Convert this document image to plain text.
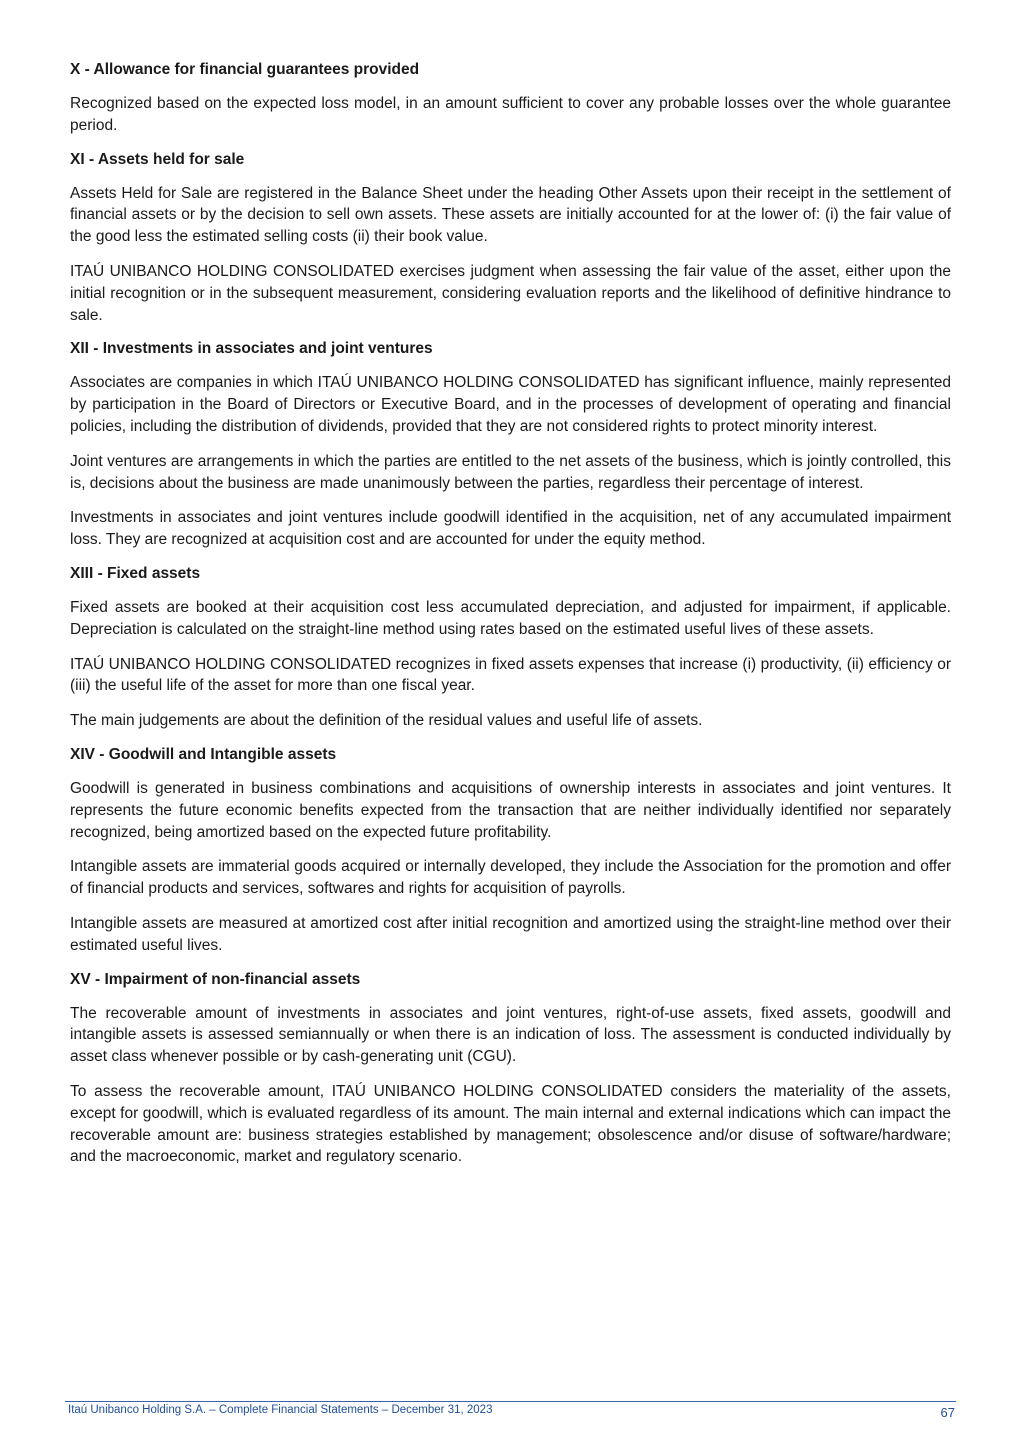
X - Allowance for financial guarantees provided

Recognized based on the expected loss model, in an amount sufficient to cover any probable losses over the whole guarantee period.

XI - Assets held for sale

Assets Held for Sale are registered in the Balance Sheet under the heading Other Assets upon their receipt in the settlement of financial assets or by the decision to sell own assets. These assets are initially accounted for at the lower of: (i) the fair value of the good less the estimated selling costs (ii) their book value.

ITAÚ UNIBANCO HOLDING CONSOLIDATED exercises judgment when assessing the fair value of the asset, either upon the initial recognition or in the subsequent measurement, considering evaluation reports and the likelihood of definitive hindrance to sale.

XII - Investments in associates and joint ventures

Associates are companies in which ITAÚ UNIBANCO HOLDING CONSOLIDATED has significant influence, mainly represented by participation in the Board of Directors or Executive Board, and in the processes of development of operating and financial policies, including the distribution of dividends, provided that they are not considered rights to protect minority interest.

Joint ventures are arrangements in which the parties are entitled to the net assets of the business, which is jointly controlled, this is, decisions about the business are made unanimously between the parties, regardless their percentage of interest.

Investments in associates and joint ventures include goodwill identified in the acquisition, net of any accumulated impairment loss. They are recognized at acquisition cost and are accounted for under the equity method.

XIII - Fixed assets

Fixed assets are booked at their acquisition cost less accumulated depreciation, and adjusted for impairment, if applicable. Depreciation is calculated on the straight-line method using rates based on the estimated useful lives of these assets.

ITAÚ UNIBANCO HOLDING CONSOLIDATED recognizes in fixed assets expenses that increase (i) productivity, (ii) efficiency or (iii) the useful life of the asset for more than one fiscal year.

The main judgements are about the definition of the residual values and useful life of assets.

XIV - Goodwill and Intangible assets

Goodwill is generated in business combinations and acquisitions of ownership interests in associates and joint ventures. It represents the future economic benefits expected from the transaction that are neither individually identified nor separately recognized, being amortized based on the expected future profitability.

Intangible assets are immaterial goods acquired or internally developed, they include the Association for the promotion and offer of financial products and services, softwares and rights for acquisition of payrolls.

Intangible assets are measured at amortized cost after initial recognition and amortized using the straight-line method over their estimated useful lives.

XV - Impairment of non-financial assets

The recoverable amount of investments in associates and joint ventures, right-of-use assets, fixed assets, goodwill and intangible assets is assessed semiannually or when there is an indication of loss. The assessment is conducted individually by asset class whenever possible or by cash-generating unit (CGU).

To assess the recoverable amount, ITAÚ UNIBANCO HOLDING CONSOLIDATED considers the materiality of the assets, except for goodwill, which is evaluated regardless of its amount. The main internal and external indications which can impact the recoverable amount are: business strategies established by management; obsolescence and/or disuse of software/hardware; and the macroeconomic, market and regulatory scenario.

Itaú Unibanco Holding S.A. – Complete Financial Statements – December 31, 2023	67
